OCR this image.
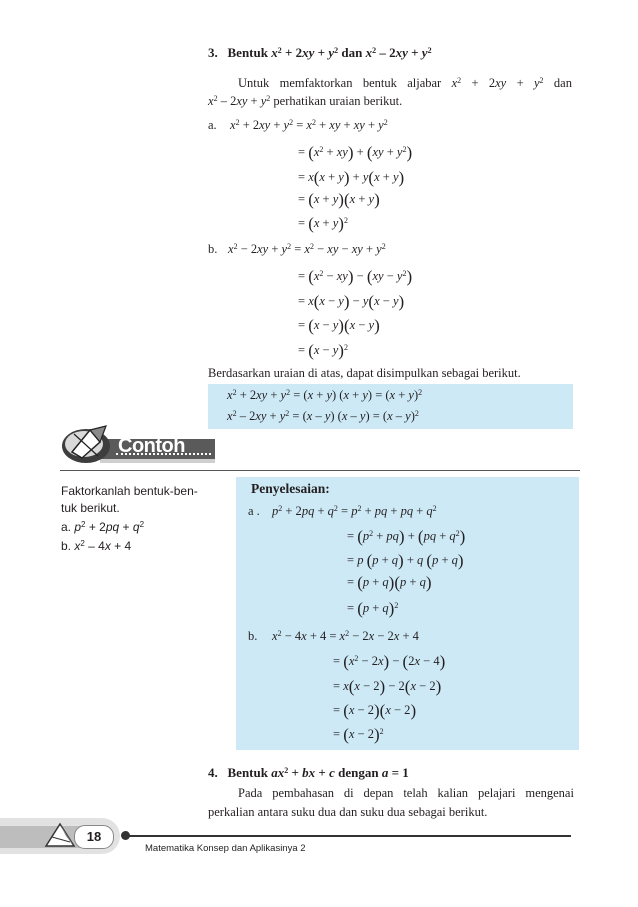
3. Bentuk $x^2 + 2xy + y^2$ dan $x^2 - 2xy + y^2$
Untuk memfaktorkan bentuk aljabar $x^2 + 2xy + y^2$ dan
$x^2 - 2xy + y^2$ perhatikan uraian berikut.
a. $x^2 + 2xy + y^2 = x^2$ + xy + xy + $y^2$
= $(x^2 + xy) + (xy + y^2)$
= x(x + y) + y(x + y)
= (x + y)(x + y)
= $(x + y)^2$
b. $x^2 - 2xy + y^2 = x^2$ − xy − xy + $y^2$
= $(x^2 - xy) - (xy - y^2)$
= x(x − y) − y(x − y)
= (x − y)(x − y)
= $(x - y)^2$
Berdasarkan uraian di atas, dapat disimpulkan sebagai berikut.
$x^2 + 2xy + y^2 = (x + y) (x + y) = (x + y)^2$
$x^2 - 2xy + y^2 = (x - y)$ (x – y) = (x – y)$^2$
Contoh
Faktorkanlah bentuk-ben- tuk berikut.
a. $p^2 + 2pq + q^2$
b. $x^2 - 4x + 4$
Penyelesaian:
a . $p^2 + 2pq + q^2 = p^2$ + pq + pq + $q^2$
= $(p^2 + pq) + (pq + q^2)$
= p (p + q) + q (p + q)
= (p + q)(p + q)
= $(p + q)^2$
b. $x^2 - 4x + 4 = x^2 - 2x - 2x + 4$
= $(x^2 - 2x) - (2x - 4)$
= x(x − 2) − 2(x − 2)
= (x − 2)(x − 2)
= $(x - 2)^2$
4. Bentuk $ax^2$ + bx + c dengan a = 1
Pada pembahasan di depan telah kalian pelajari mengenai
perkalian antara suku dua dan suku dua sebagai berikut.
18
Matematika Konsep dan Aplikasinya 2
